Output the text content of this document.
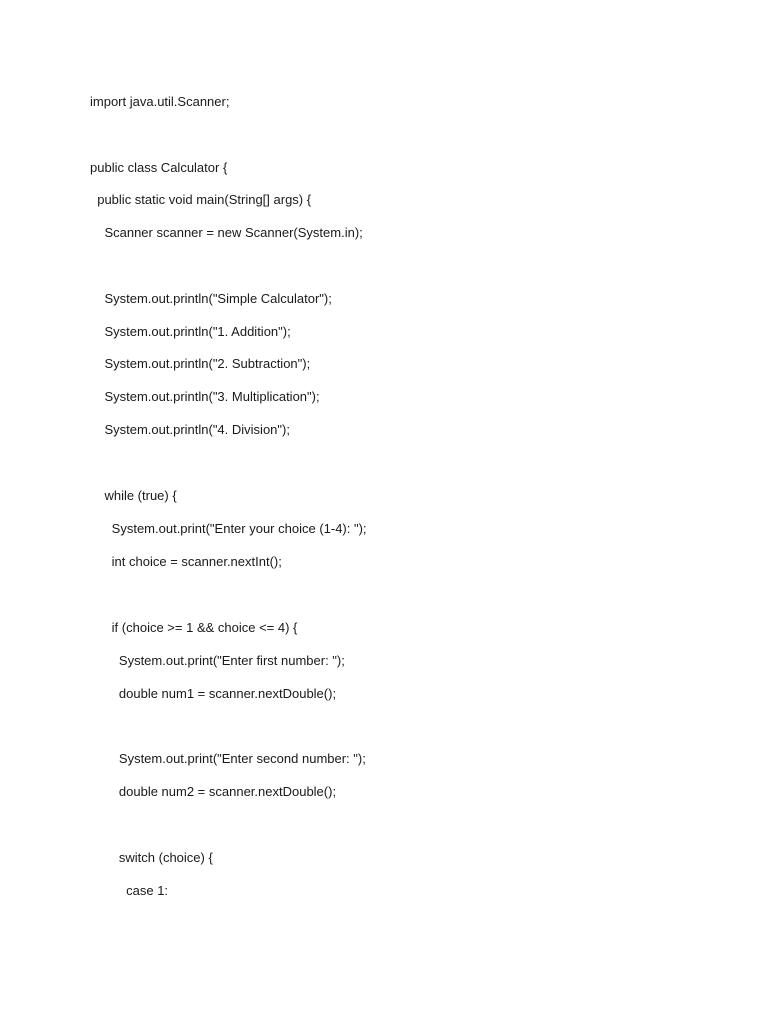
import java.util.Scanner;
public class Calculator {
public static void main(String[] args) {
Scanner scanner = new Scanner(System.in);
System.out.println("Simple Calculator");
System.out.println("1. Addition");
System.out.println("2. Subtraction");
System.out.println("3. Multiplication");
System.out.println("4. Division");
while (true) {
System.out.print("Enter your choice (1-4): ");
int choice = scanner.nextInt();
if (choice >= 1 && choice <= 4) {
System.out.print("Enter first number: ");
double num1 = scanner.nextDouble();
System.out.print("Enter second number: ");
double num2 = scanner.nextDouble();
switch (choice) {
case 1:
